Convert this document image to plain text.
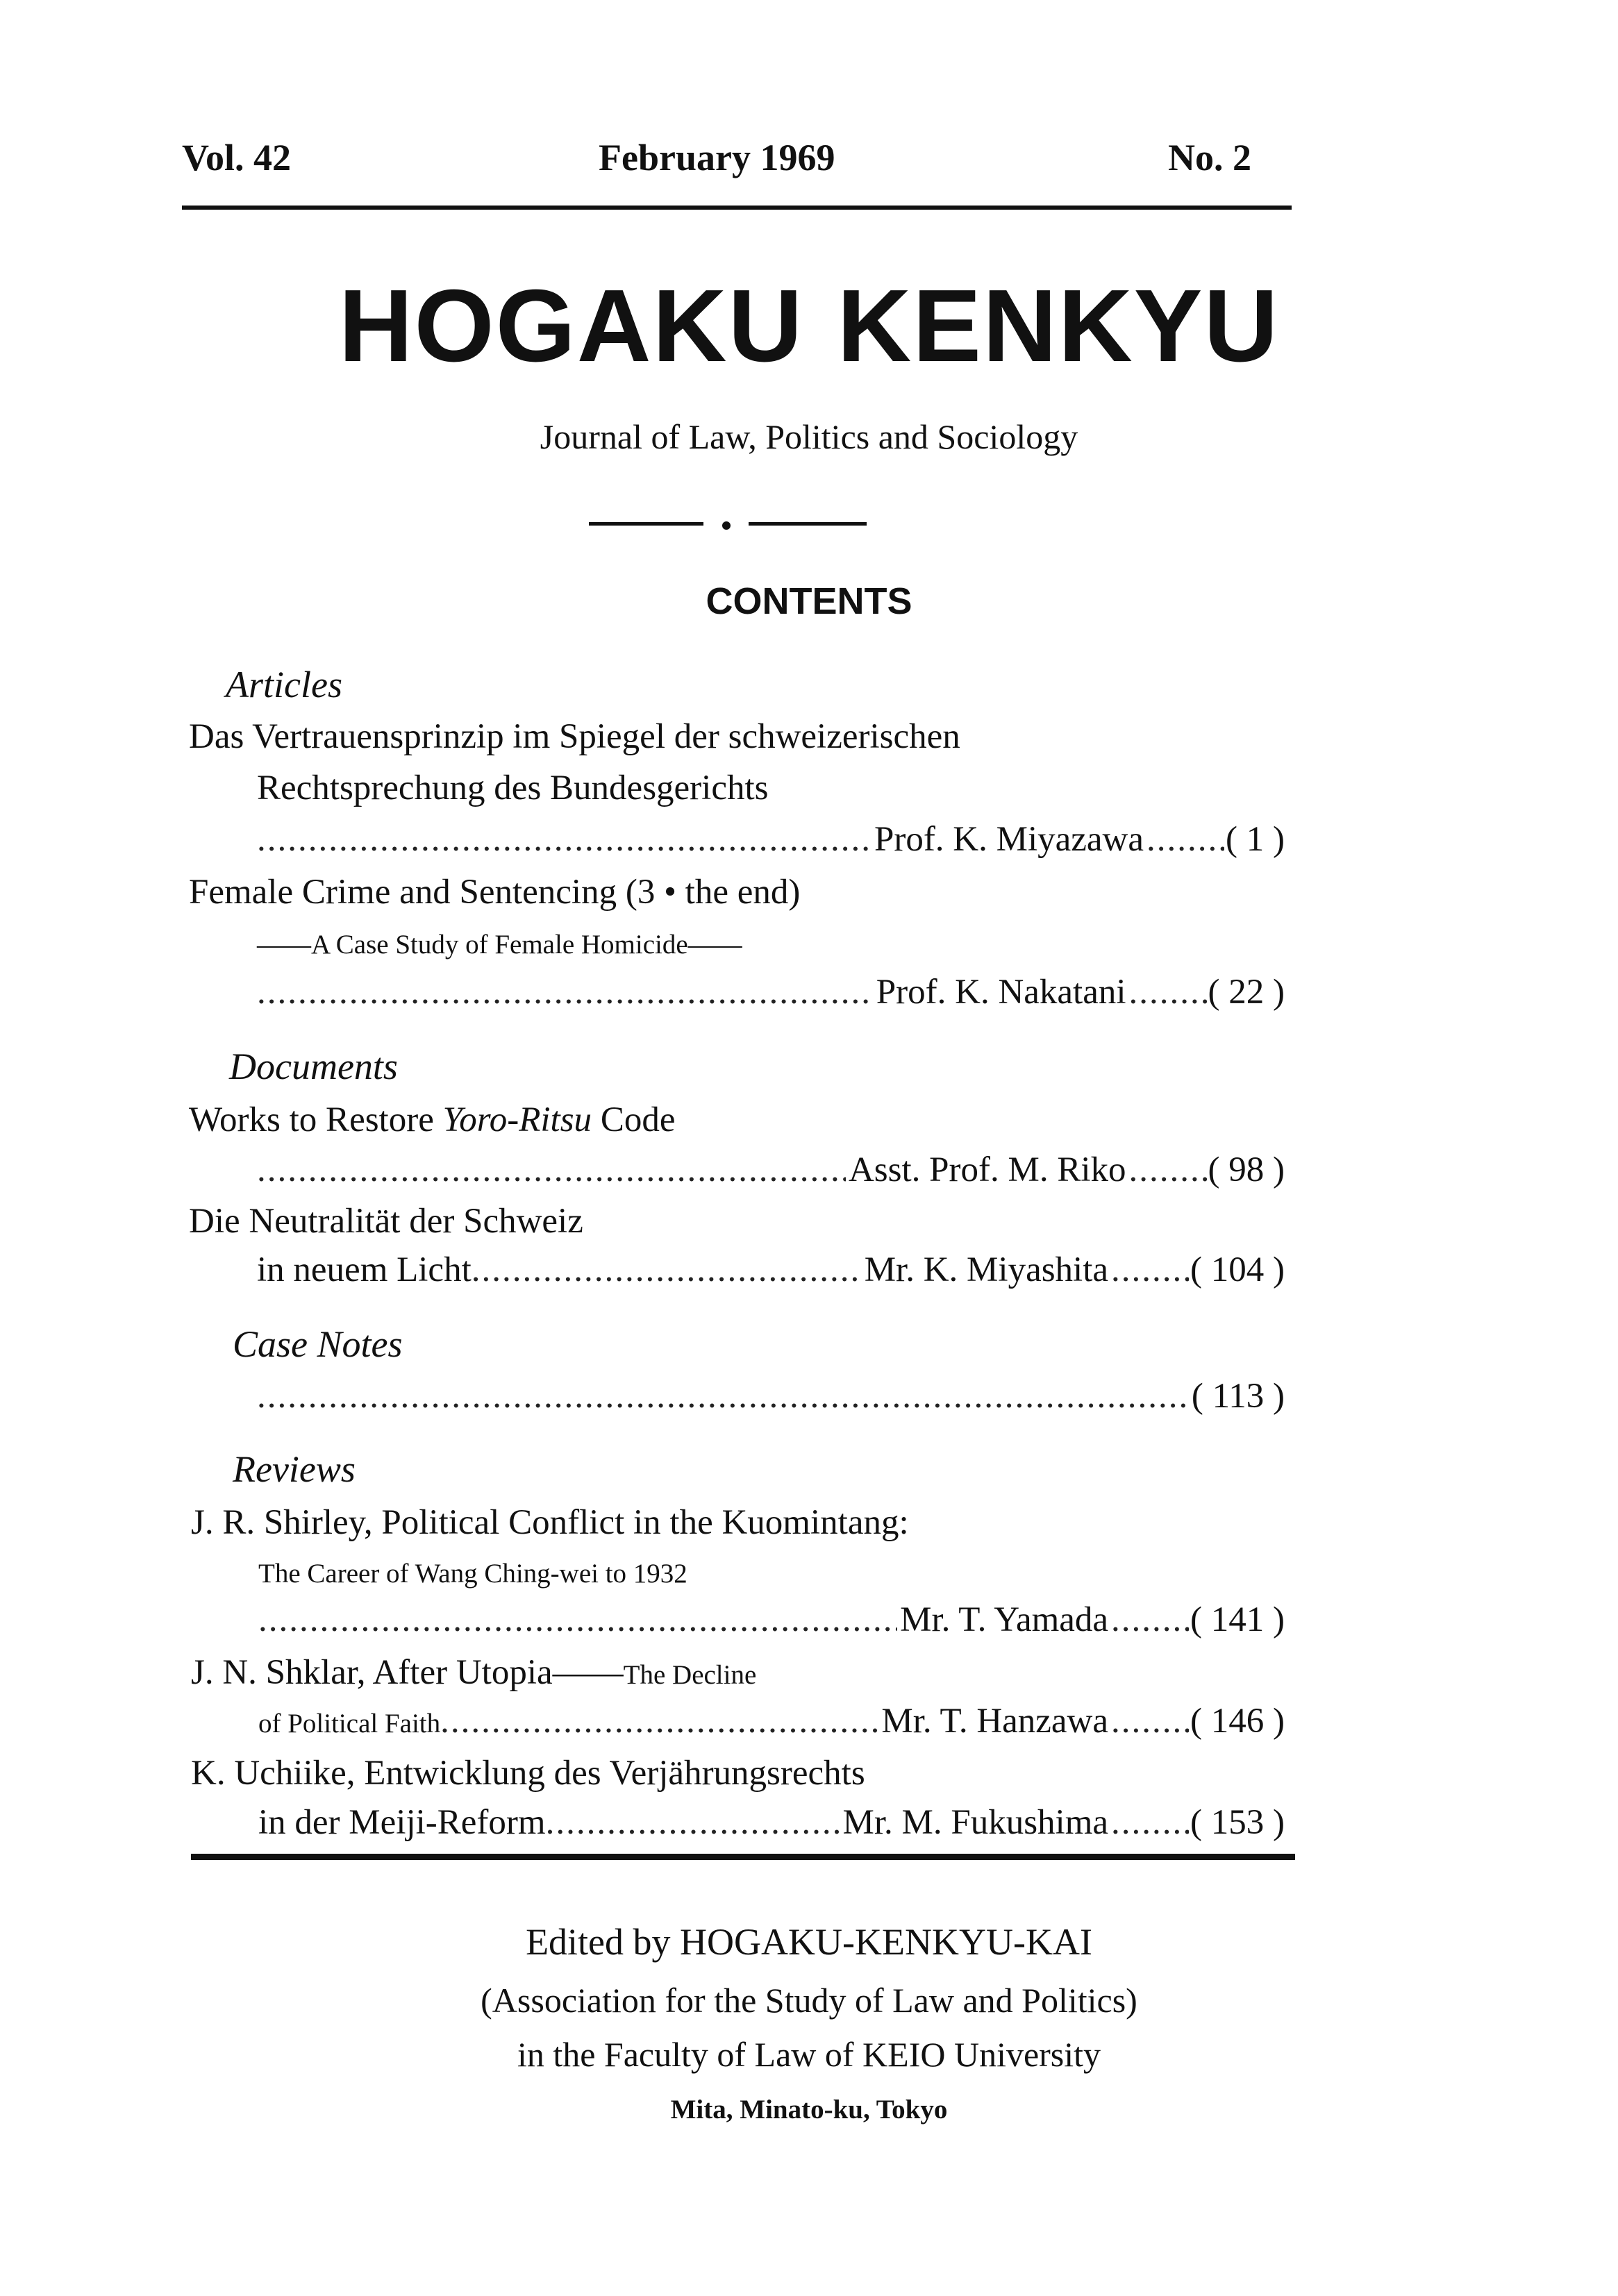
Vol. 42	February 1969	No. 2
HOGAKU KENKYU
Journal of Law, Politics and Sociology
CONTENTS
Articles
Das Vertrauensprinzip im Spiegel der schweizerischen
Rechtsprechung des Bundesgerichts
.....
Prof. K. Miyazawa ..... ( 1 )
Female Crime and Sentencing (3 • the end)
——A Case Study of Female Homicide——
.....
Prof. K. Nakatani ..... ( 22 )
Documents
Works to Restore Yoro-Ritsu Code
.....
Asst. Prof. M. Riko ..... ( 98 )
Die Neutralität der Schweiz
in neuem Licht .....	Mr. K. Miyashita ..... ( 104 )
Case Notes
.....
( 113 )
Reviews
J. R. Shirley, Political Conflict in the Kuomintang:
The Career of Wang Ching-wei to 1932
.....
Mr. T. Yamada ..... ( 141 )
J. N. Shklar, After Utopia——The Decline
of Political Faith .....	Mr. T. Hanzawa ..... ( 146 )
K. Uchiike, Entwicklung des Verjährungsrechts
in der Meiji-Reform .....	Mr. M. Fukushima ..... ( 153 )
Edited by HOGAKU-KENKYU-KAI
(Association for the Study of Law and Politics)
in the Faculty of Law of KEIO University
Mita, Minato-ku, Tokyo
